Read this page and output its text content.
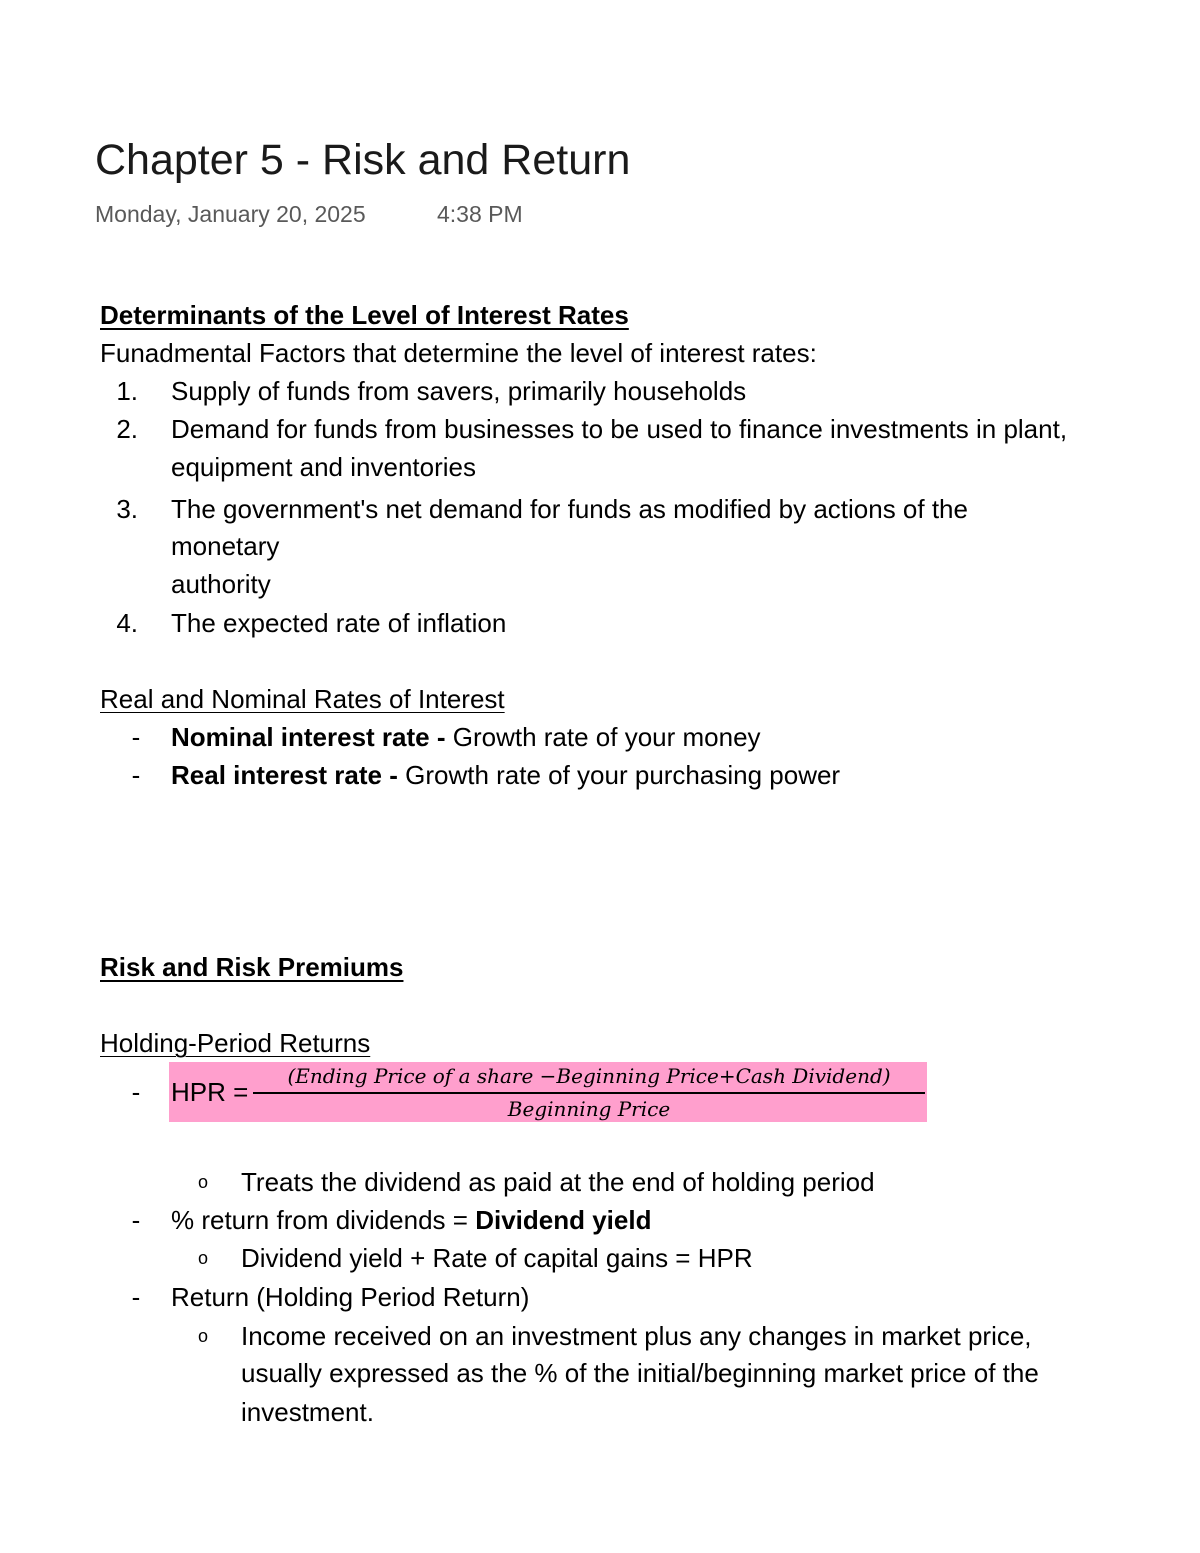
Chapter 5 - Risk and Return
Monday, January 20, 2025	4:38 PM
Determinants of the Level of Interest Rates
Funadmental Factors that determine the level of interest rates:
1. Supply of funds from savers, primarily households
2. Demand for funds from businesses to be used to finance investments in plant,
equipment and inventories
3. The government's net demand for funds as modified by actions of the
monetary
authority
4. The expected rate of inflation
Real and Nominal Rates of Interest
- Nominal interest rate - Growth rate of your money
- Real interest rate - Growth rate of your purchasing power
Risk and Risk Premiums
Holding-Period Returns
- HPR =
(Ending Price of a share −Beginning Price+Cash Dividend)
Beginning Price
o Treats the dividend as paid at the end of holding period
- % return from dividends = Dividend yield
o Dividend yield + Rate of capital gains = HPR
- Return (Holding Period Return)
o Income received on an investment plus any changes in market price,
usually expressed as the % of the initial/beginning market price of the
investment.
